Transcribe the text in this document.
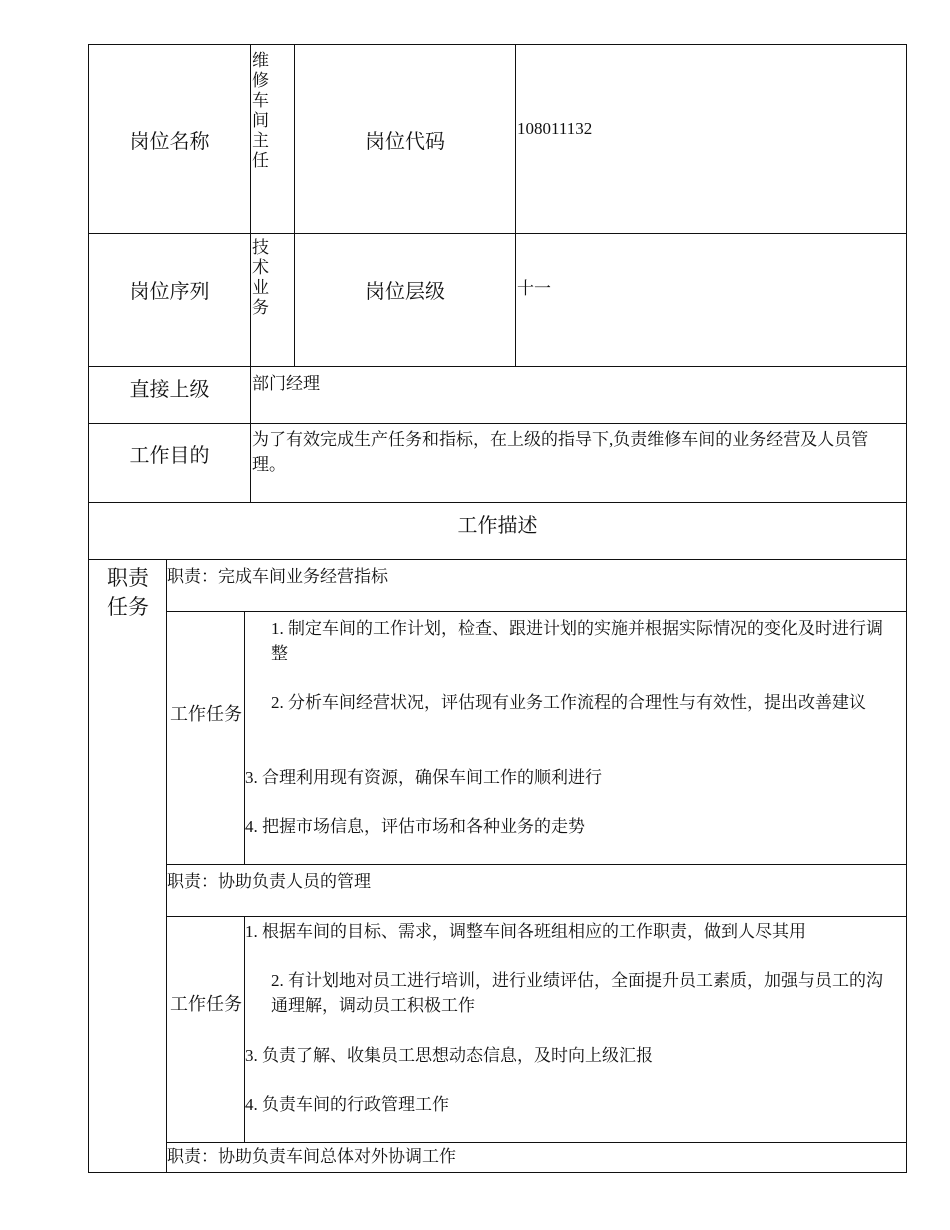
岗位名称
维修车间主任
岗位代码
108011132
岗位序列
技术业务
岗位层级	十一
直接上级	部门经理
工作目的
为了有效完成生产任务和指标，在上级的指导下,负责维修车间的业务经营及人员管理。
工作描述
职责任务
职责：完成车间业务经营指标
工作任务
1. 制定车间的工作计划，检查、跟进计划的实施并根据实际情况的变化及时进行调整
2. 分析车间经营状况，评估现有业务工作流程的合理性与有效性，提出改善建议
3. 合理利用现有资源，确保车间工作的顺利进行
4. 把握市场信息，评估市场和各种业务的走势
职责：协助负责人员的管理
工作任务
1. 根据车间的目标、需求，调整车间各班组相应的工作职责，做到人尽其用
2. 有计划地对员工进行培训，进行业绩评估，全面提升员工素质，加强与员工的沟通理解，调动员工积极工作
3. 负责了解、收集员工思想动态信息，及时向上级汇报
4. 负责车间的行政管理工作
职责：协助负责车间总体对外协调工作
